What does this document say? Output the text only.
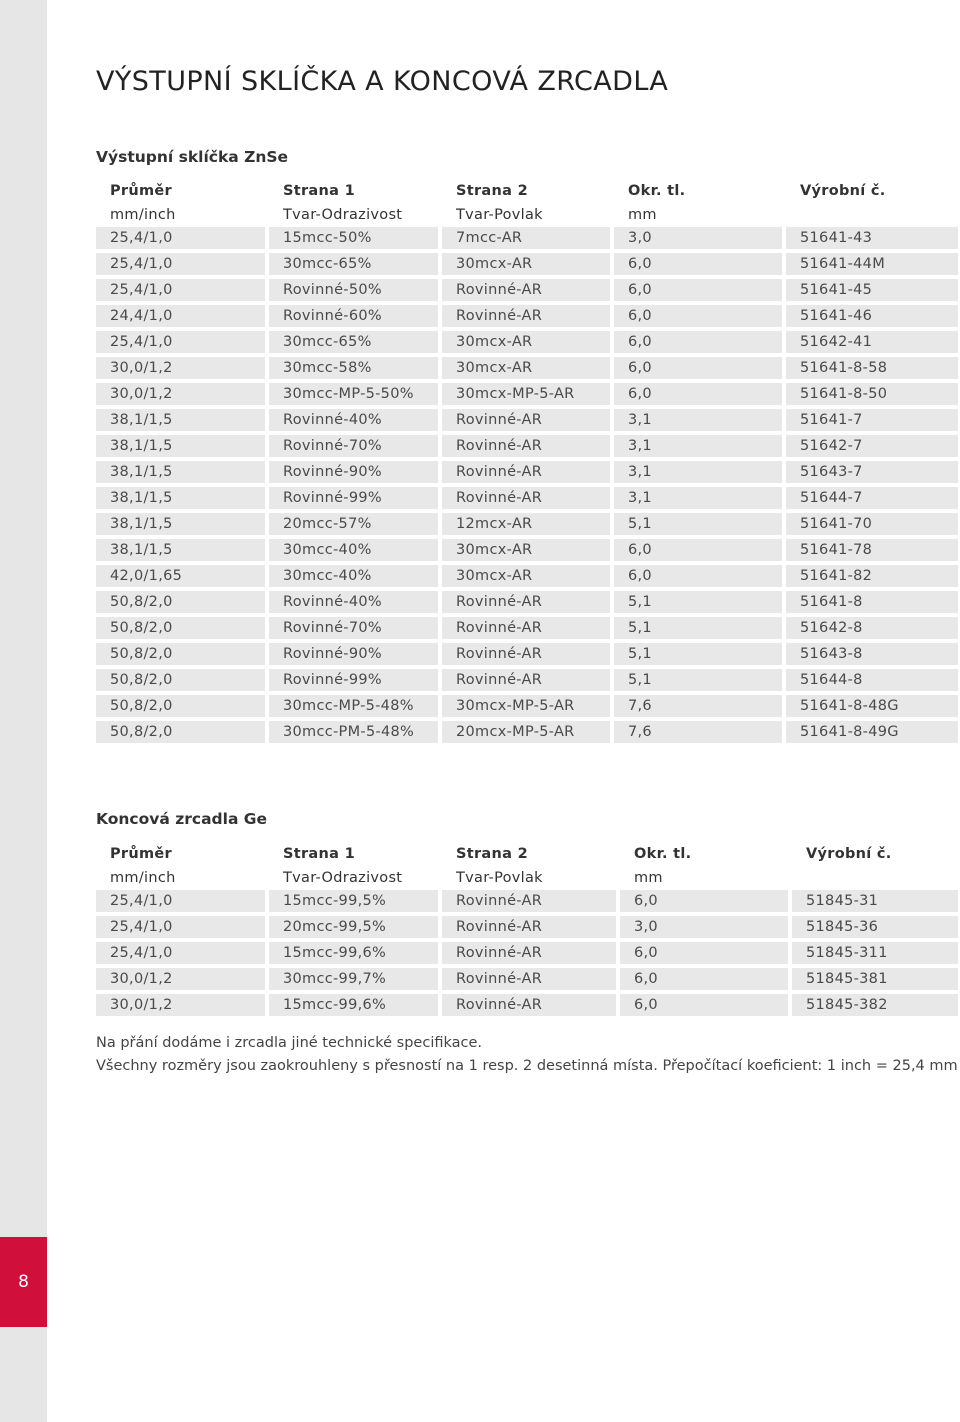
8
VÝSTUPNÍ SKLÍČKA A KONCOVÁ ZRCADLA
Výstupní sklíčka ZnSe
Průměr	Strana 1	Strana 2	Okr. tl.	Výrobní č.
mm/inch	Tvar-Odrazivost	Tvar-Povlak	mm	
25,4/1,0	15mcc-50%	7mcc-AR	3,0	51641-43
25,4/1,0	30mcc-65%	30mcx-AR	6,0	51641-44M
25,4/1,0	Rovinné-50%	Rovinné-AR	6,0	51641-45
24,4/1,0	Rovinné-60%	Rovinné-AR	6,0	51641-46
25,4/1,0	30mcc-65%	30mcx-AR	6,0	51642-41
30,0/1,2	30mcc-58%	30mcx-AR	6,0	51641-8-58
30,0/1,2	30mcc-MP-5-50%	30mcx-MP-5-AR	6,0	51641-8-50
38,1/1,5	Rovinné-40%	Rovinné-AR	3,1	51641-7
38,1/1,5	Rovinné-70%	Rovinné-AR	3,1	51642-7
38,1/1,5	Rovinné-90%	Rovinné-AR	3,1	51643-7
38,1/1,5	Rovinné-99%	Rovinné-AR	3,1	51644-7
38,1/1,5	20mcc-57%	12mcx-AR	5,1	51641-70
38,1/1,5	30mcc-40%	30mcx-AR	6,0	51641-78
42,0/1,65	30mcc-40%	30mcx-AR	6,0	51641-82
50,8/2,0	Rovinné-40%	Rovinné-AR	5,1	51641-8
50,8/2,0	Rovinné-70%	Rovinné-AR	5,1	51642-8
50,8/2,0	Rovinné-90%	Rovinné-AR	5,1	51643-8
50,8/2,0	Rovinné-99%	Rovinné-AR	5,1	51644-8
50,8/2,0	30mcc-MP-5-48%	30mcx-MP-5-AR	7,6	51641-8-48G
50,8/2,0	30mcc-PM-5-48%	20mcx-MP-5-AR	7,6	51641-8-49G
Koncová zrcadla Ge
Průměr	Strana 1	Strana 2	Okr. tl.	Výrobní č.
mm/inch	Tvar-Odrazivost	Tvar-Povlak	mm	
25,4/1,0	15mcc-99,5%	Rovinné-AR	6,0	51845-31
25,4/1,0	20mcc-99,5%	Rovinné-AR	3,0	51845-36
25,4/1,0	15mcc-99,6%	Rovinné-AR	6,0	51845-311
30,0/1,2	30mcc-99,7%	Rovinné-AR	6,0	51845-381
30,0/1,2	15mcc-99,6%	Rovinné-AR	6,0	51845-382

Na přání dodáme i zrcadla jiné technické specifikace.

Všechny rozměry jsou zaokrouhleny s přesností na 1 resp. 2 desetinná místa. Přepočítací koeficient: 1 inch = 25,4 mm
